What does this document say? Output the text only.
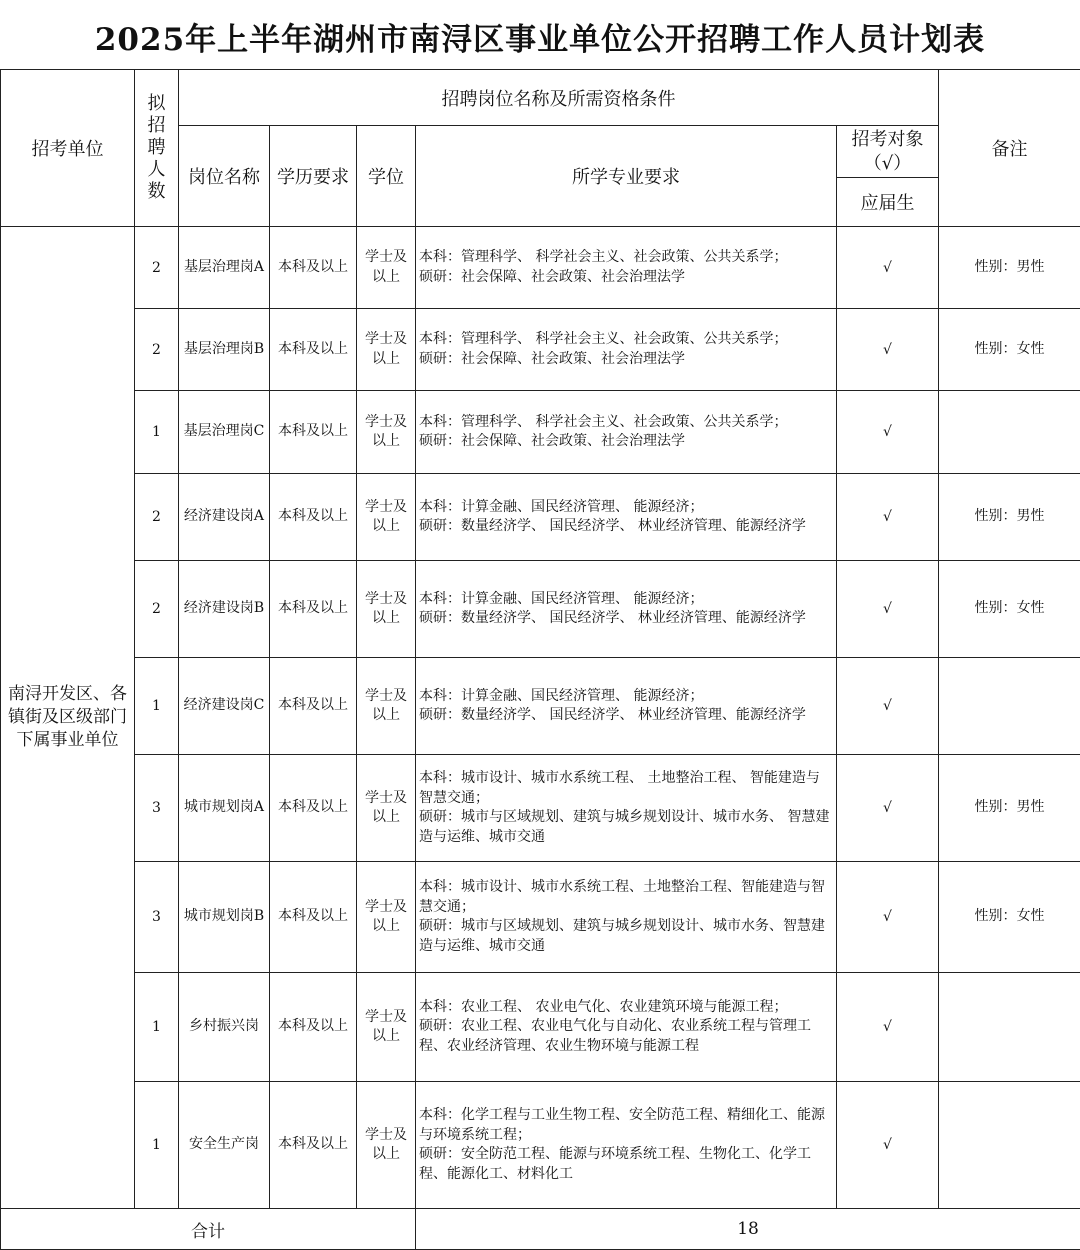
2025年上半年湖州市南浔区事业单位公开招聘工作人员计划表
招考单位	拟招聘人数	招聘岗位名称及所需资格条件					备注
		岗位名称	学历要求	学位	所学专业要求	招考对象（√）	
						应届生	
南浔开发区、各镇街及区级部门下属事业单位	2	基层治理岗A	本科及以上	学士及以上	本科：管理科学、 科学社会主义、社会政策、公共关系学；
硕研：社会保障、社会政策、社会治理法学	√	性别：男性
	2	基层治理岗B	本科及以上	学士及以上	本科：管理科学、 科学社会主义、社会政策、公共关系学；
硕研：社会保障、社会政策、社会治理法学	√	性别：女性
	1	基层治理岗C	本科及以上	学士及以上	本科：管理科学、 科学社会主义、社会政策、公共关系学；
硕研：社会保障、社会政策、社会治理法学	√	
	2	经济建设岗A	本科及以上	学士及以上	本科：计算金融、国民经济管理、 能源经济；
硕研：数量经济学、 国民经济学、 林业经济管理、能源经济学	√	性别：男性
	2	经济建设岗B	本科及以上	学士及以上	本科：计算金融、国民经济管理、 能源经济；
硕研：数量经济学、 国民经济学、 林业经济管理、能源经济学	√	性别：女性
	1	经济建设岗C	本科及以上	学士及以上	本科：计算金融、国民经济管理、 能源经济；
硕研：数量经济学、 国民经济学、 林业经济管理、能源经济学	√	
	3	城市规划岗A	本科及以上	学士及以上	本科：城市设计、城市水系统工程、 土地整治工程、 智能建造与智慧交通；
硕研：城市与区域规划、建筑与城乡规划设计、城市水务、 智慧建造与运维、城市交通	√	性别：男性
	3	城市规划岗B	本科及以上	学士及以上	本科：城市设计、城市水系统工程、土地整治工程、智能建造与智慧交通；
硕研：城市与区域规划、建筑与城乡规划设计、城市水务、智慧建造与运维、城市交通	√	性别：女性
	1	乡村振兴岗	本科及以上	学士及以上	本科：农业工程、 农业电气化、农业建筑环境与能源工程；
硕研：农业工程、农业电气化与自动化、农业系统工程与管理工程、农业经济管理、农业生物环境与能源工程	√	
	1	安全生产岗	本科及以上	学士及以上	本科：化学工程与工业生物工程、安全防范工程、精细化工、能源与环境系统工程；
硕研：安全防范工程、能源与环境系统工程、生物化工、化学工程、能源化工、材料化工	√	
合计					18		
